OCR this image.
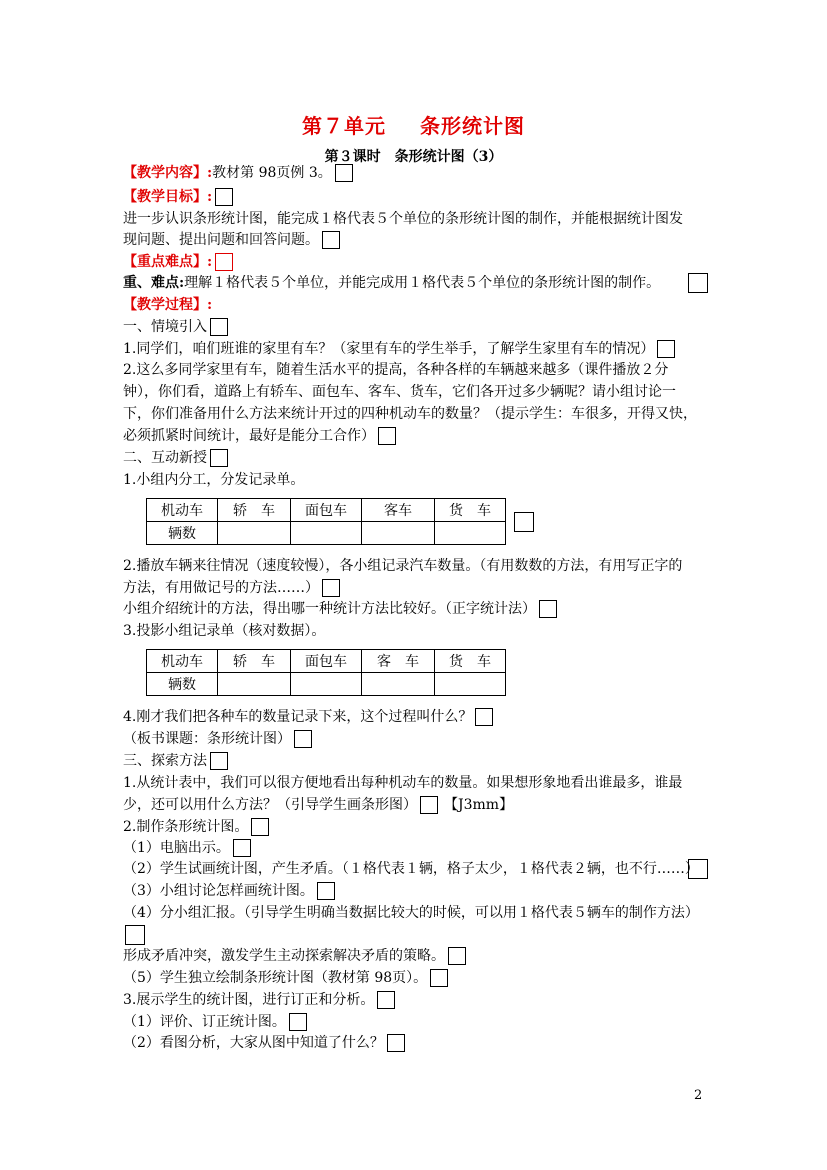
第７单元 条形统计图
第３课时　条形统计图（3）
【教学内容】:教材第 98页例 3。
【教学目标】:
进一步认识条形统计图，能完成１格代表５个单位的条形统计图的制作，并能根据统计图发
现问题、提出问题和回答问题。
【重点难点】:
重、难点:理解１格代表５个单位，并能完成用１格代表５个单位的条形统计图的制作。
【教学过程】:
一、情境引入
1.同学们，咱们班谁的家里有车？（家里有车的学生举手，了解学生家里有车的情况）
2.这么多同学家里有车，随着生活水平的提高，各种各样的车辆越来越多（课件播放２分
钟），你们看，道路上有轿车、面包车、客车、货车，它们各开过多少辆呢？请小组讨论一
下，你们准备用什么方法来统计开过的四种机动车的数量？（提示学生：车很多，开得又快，
必须抓紧时间统计，最好是能分工合作）
二、互动新授
1.小组内分工，分发记录单。
机动车	轿　车	面包车	客车	货　车
辆数				
2.播放车辆来往情况（速度较慢），各小组记录汽车数量。（有用数数的方法，有用写正字的
方法，有用做记号的方法……）
小组介绍统计的方法，得出哪一种统计方法比较好。（正字统计法）
3.投影小组记录单（核对数据）。
机动车	轿　车	面包车	客　车	货　车
辆数				
4.刚才我们把各种车的数量记录下来，这个过程叫什么？
（板书课题：条形统计图）
三、探索方法
1.从统计表中，我们可以很方便地看出每种机动车的数量。如果想形象地看出谁最多，谁最
少，还可以用什么方法？（引导学生画条形图） 【J3mm】
2.制作条形统计图。
（1）电脑出示。
（2）学生试画统计图，产生矛盾。（１格代表１辆，格子太少，１格代表２辆，也不行……）
（3）小组讨论怎样画统计图。
（4）分小组汇报。（引导学生明确当数据比较大的时候，可以用１格代表５辆车的制作方法）
形成矛盾冲突，激发学生主动探索解决矛盾的策略。
（5）学生独立绘制条形统计图（教材第 98页）。
3.展示学生的统计图，进行订正和分析。
（1）评价、订正统计图。
（2）看图分析，大家从图中知道了什么？
2
